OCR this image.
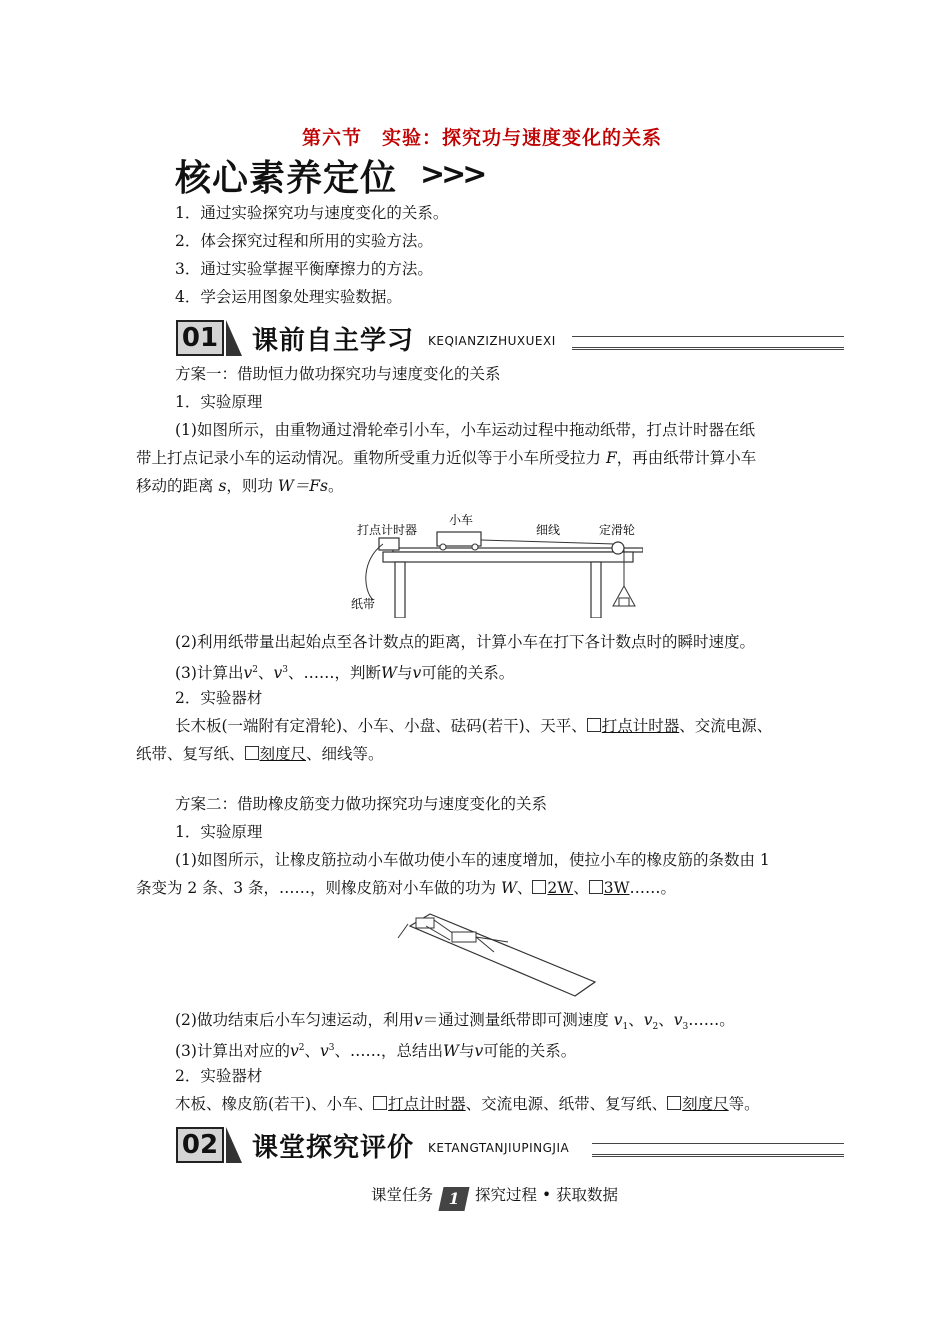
第六节　实验：探究功与速度变化的关系
核心素养定位 >>>
1．通过实验探究功与速度变化的关系。
2．体会探究过程和所用的实验方法。
3．通过实验掌握平衡摩擦力的方法。
4．学会运用图象处理实验数据。
01 课前自主学习 KEQIANZIZHUXUEXI
方案一：借助恒力做功探究功与速度变化的关系
1．实验原理
(1)如图所示，由重物通过滑轮牵引小车，小车运动过程中拖动纸带，打点计时器在纸
带上打点记录小车的运动情况。重物所受重力近似等于小车所受拉力 F，再由纸带计算小车
移动的距离 s，则功 W＝Fs。
打点计时器
小车
细线	定滑轮
纸带
(2)利用纸带量出起始点至各计数点的距离，计算小车在打下各计数点时的瞬时速度。
(3)计算出$v^2$、$v^3$、……，判断W与v可能的关系。
2．实验器材
长木板(一端附有定滑轮)、小车、小盘、砝码(若干)、天平、 打点计时器、交流电源、
纸带、复写纸、 刻度尺、细线等。
方案二：借助橡皮筋变力做功探究功与速度变化的关系
1．实验原理
(1)如图所示，让橡皮筋拉动小车做功使小车的速度增加，使拉小车的橡皮筋的条数由 1
条变为 2 条、3 条，……，则橡皮筋对小车做的功为 W、 2W、 3W……。
(2)做功结束后小车匀速运动，利用v＝通过测量纸带即可测速度 $v_1$、$v_2$、$v_3\dots\dots$。
(3)计算出对应的$v^2$、$v^3$、……，总结出W与v可能的关系。
2．实验器材
木板、橡皮筋(若干)、小车、 打点计时器、交流电源、纸带、复写纸、 刻度尺等。
02 课堂探究评价 KETANGTANJIUPINGJIA
课堂任务 1 探究过程 • 获取数据
